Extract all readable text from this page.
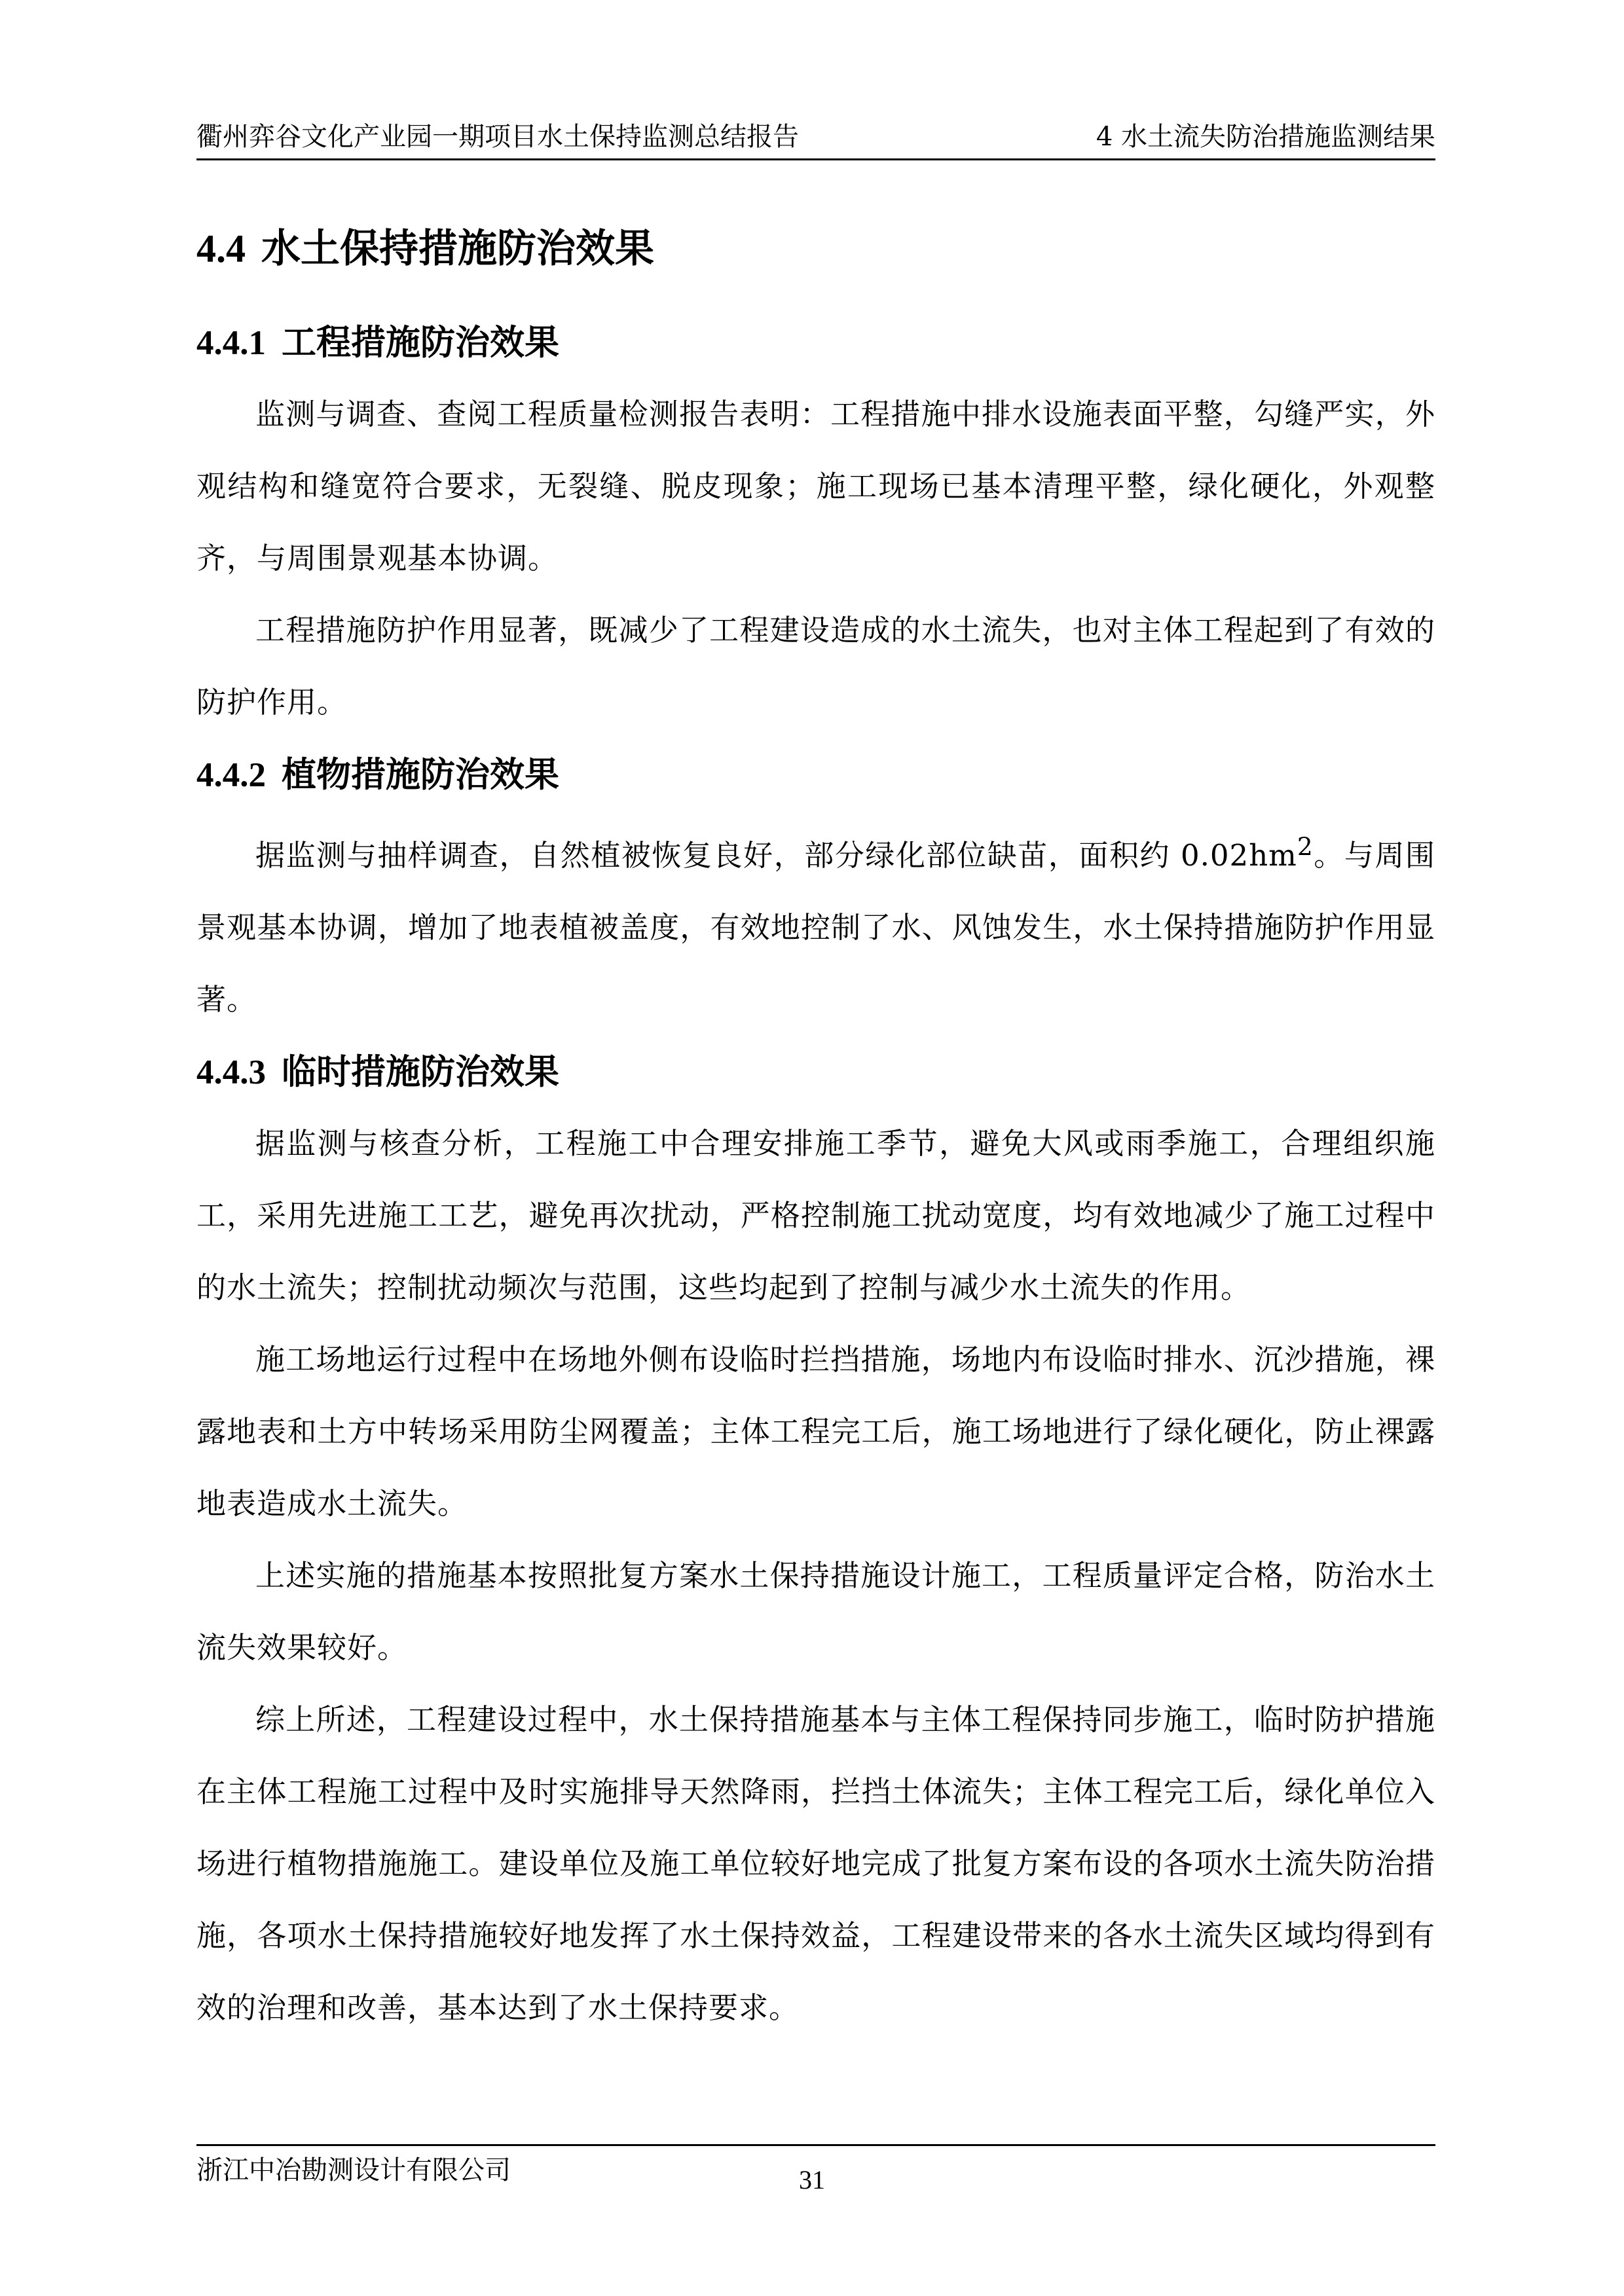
衢州弈谷文化产业园一期项目水土保持监测总结报告	4 水土流失防治措施监测结果
4.4 水土保持措施防治效果
4.4.1 工程措施防治效果

监测与调查、查阅工程质量检测报告表明：工程措施中排水设施表面平整，勾缝严实，外观结构和缝宽符合要求，无裂缝、脱皮现象；施工现场已基本清理平整，绿化硬化，外观整齐，与周围景观基本协调。

工程措施防护作用显著，既减少了工程建设造成的水土流失，也对主体工程起到了有效的防护作用。

4.4.2 植物措施防治效果

据监测与抽样调查，自然植被恢复良好，部分绿化部位缺苗，面积约 $0.02hm^2$。与周围景观基本协调，增加了地表植被盖度，有效地控制了水、风蚀发生，水土保持措施防护作用显著。

4.4.3 临时措施防治效果

据监测与核查分析，工程施工中合理安排施工季节，避免大风或雨季施工，合理组织施工，采用先进施工工艺，避免再次扰动，严格控制施工扰动宽度，均有效地减少了施工过程中的水土流失；控制扰动频次与范围，这些均起到了控制与减少水土流失的作用。

施工场地运行过程中在场地外侧布设临时拦挡措施，场地内布设临时排水、沉沙措施，裸露地表和土方中转场采用防尘网覆盖；主体工程完工后，施工场地进行了绿化硬化，防止裸露地表造成水土流失。

上述实施的措施基本按照批复方案水土保持措施设计施工，工程质量评定合格，防治水土流失效果较好。

综上所述，工程建设过程中，水土保持措施基本与主体工程保持同步施工，临时防护措施在主体工程施工过程中及时实施排导天然降雨，拦挡土体流失；主体工程完工后，绿化单位入场进行植物措施施工。建设单位及施工单位较好地完成了批复方案布设的各项水土流失防治措施，各项水土保持措施较好地发挥了水土保持效益，工程建设带来的各水土流失区域均得到有效的治理和改善，基本达到了水土保持要求。

浙江中冶勘测设计有限公司	31
